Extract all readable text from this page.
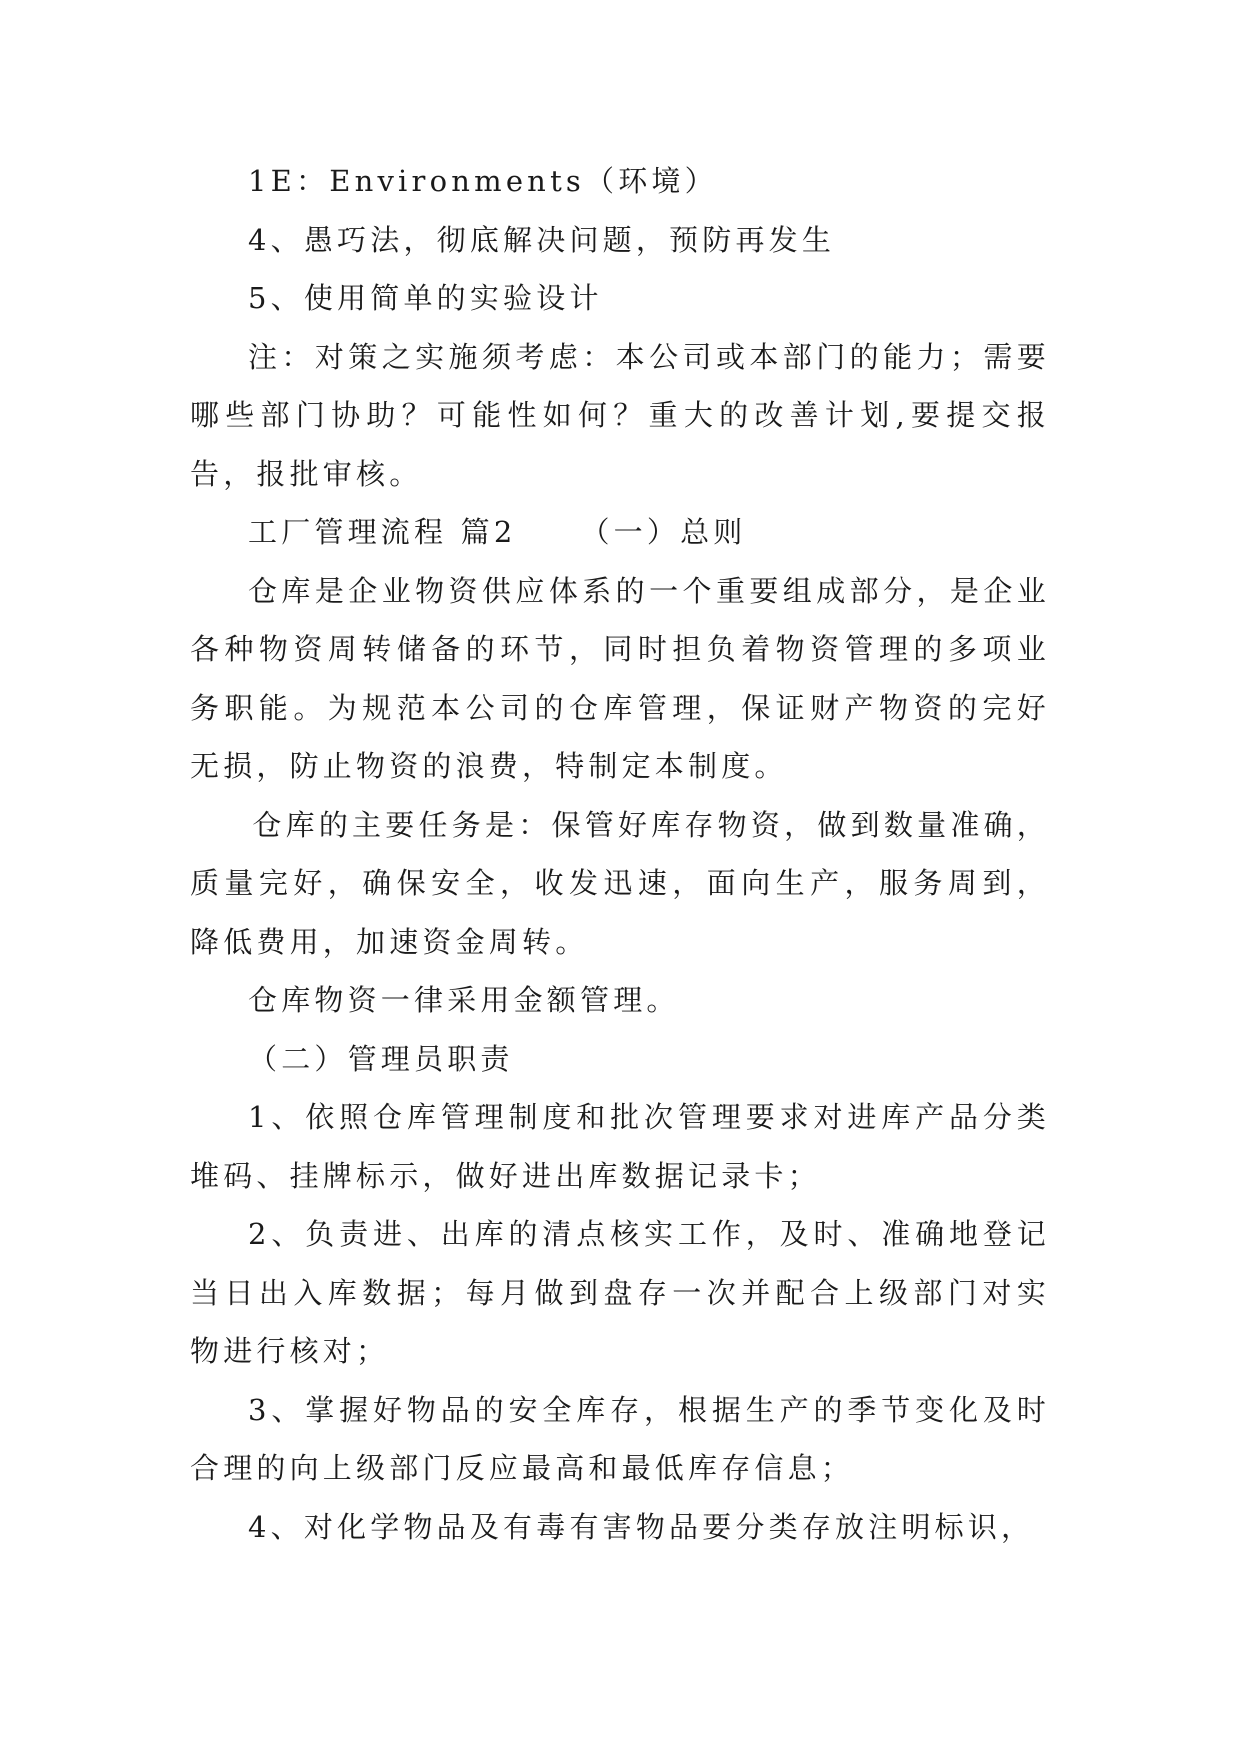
1E：Environments（环境）

4、愚巧法，彻底解决问题，预防再发生

5、使用简单的实验设计

注：对策之实施须考虑：本公司或本部门的能力；需要哪些部门协助？可能性如何？重大的改善计划,要提交报告，报批审核。

工厂管理流程 篇2 （一）总则

仓库是企业物资供应体系的一个重要组成部分，是企业各种物资周转储备的环节，同时担负着物资管理的多项业务职能。为规范本公司的仓库管理，保证财产物资的完好无损，防止物资的浪费，特制定本制度。

仓库的主要任务是：保管好库存物资，做到数量准确，质量完好，确保安全，收发迅速，面向生产，服务周到，降低费用，加速资金周转。

仓库物资一律采用金额管理。

（二）管理员职责

1、依照仓库管理制度和批次管理要求对进库产品分类堆码、挂牌标示，做好进出库数据记录卡；

2、负责进、出库的清点核实工作，及时、准确地登记当日出入库数据；每月做到盘存一次并配合上级部门对实物进行核对；

3、掌握好物品的安全库存，根据生产的季节变化及时合理的向上级部门反应最高和最低库存信息；

4、对化学物品及有毒有害物品要分类存放注明标识，
